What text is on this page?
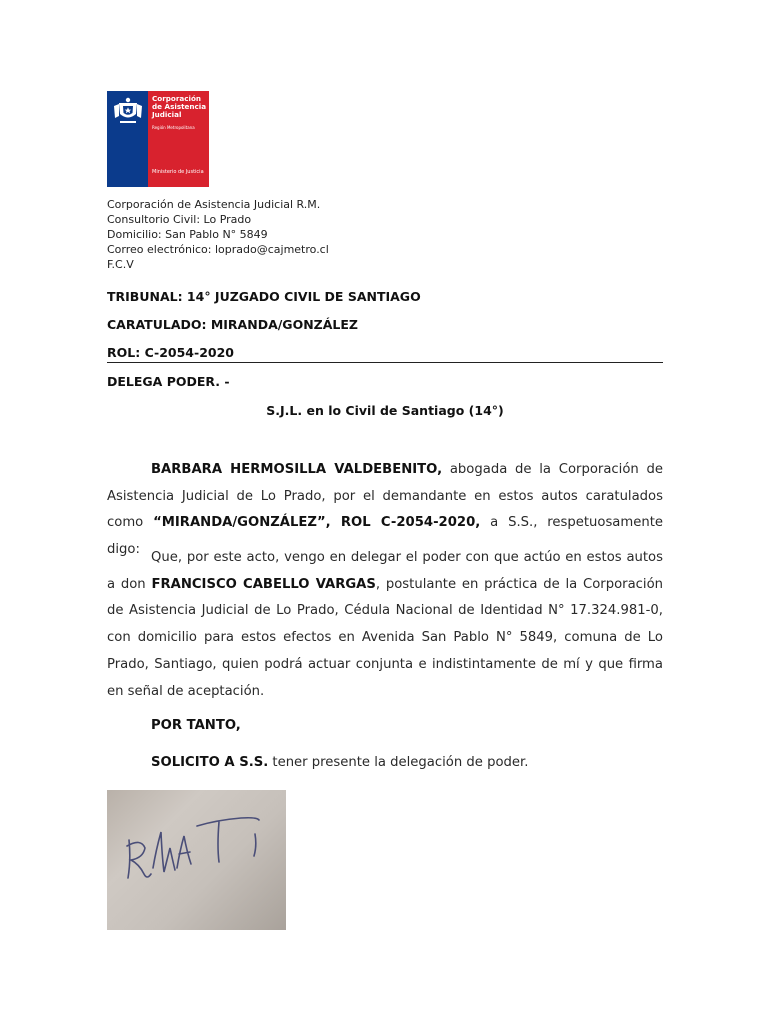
Corporación de Asistencia Judicial
Región Metropolitana
Ministerio de Justicia
Corporación de Asistencia Judicial R.M.
Consultorio Civil: Lo Prado
Domicilio: San Pablo N° 5849
Correo electrónico: loprado@cajmetro.cl
F.C.V
TRIBUNAL: 14° JUZGADO CIVIL DE SANTIAGO
CARATULADO: MIRANDA/GONZÁLEZ
ROL: C-2054-2020
DELEGA PODER. -
S.J.L. en lo Civil de Santiago (14°)
BARBARA HERMOSILLA VALDEBENITO, abogada de la Corporación de Asistencia Judicial de Lo Prado, por el demandante en estos autos caratulados como “MIRANDA/GONZÁLEZ”, ROL C-2054-2020, a S.S., respetuosamente digo:
Que, por este acto, vengo en delegar el poder con que actúo en estos autos a don FRANCISCO CABELLO VARGAS, postulante en práctica de la Corporación de Asistencia Judicial de Lo Prado, Cédula Nacional de Identidad N° 17.324.981-0, con domicilio para estos efectos en Avenida San Pablo N° 5849, comuna de Lo Prado, Santiago, quien podrá actuar conjunta e indistintamente de mí y que firma en señal de aceptación.
POR TANTO,
SOLICITO A S.S. tener presente la delegación de poder.
